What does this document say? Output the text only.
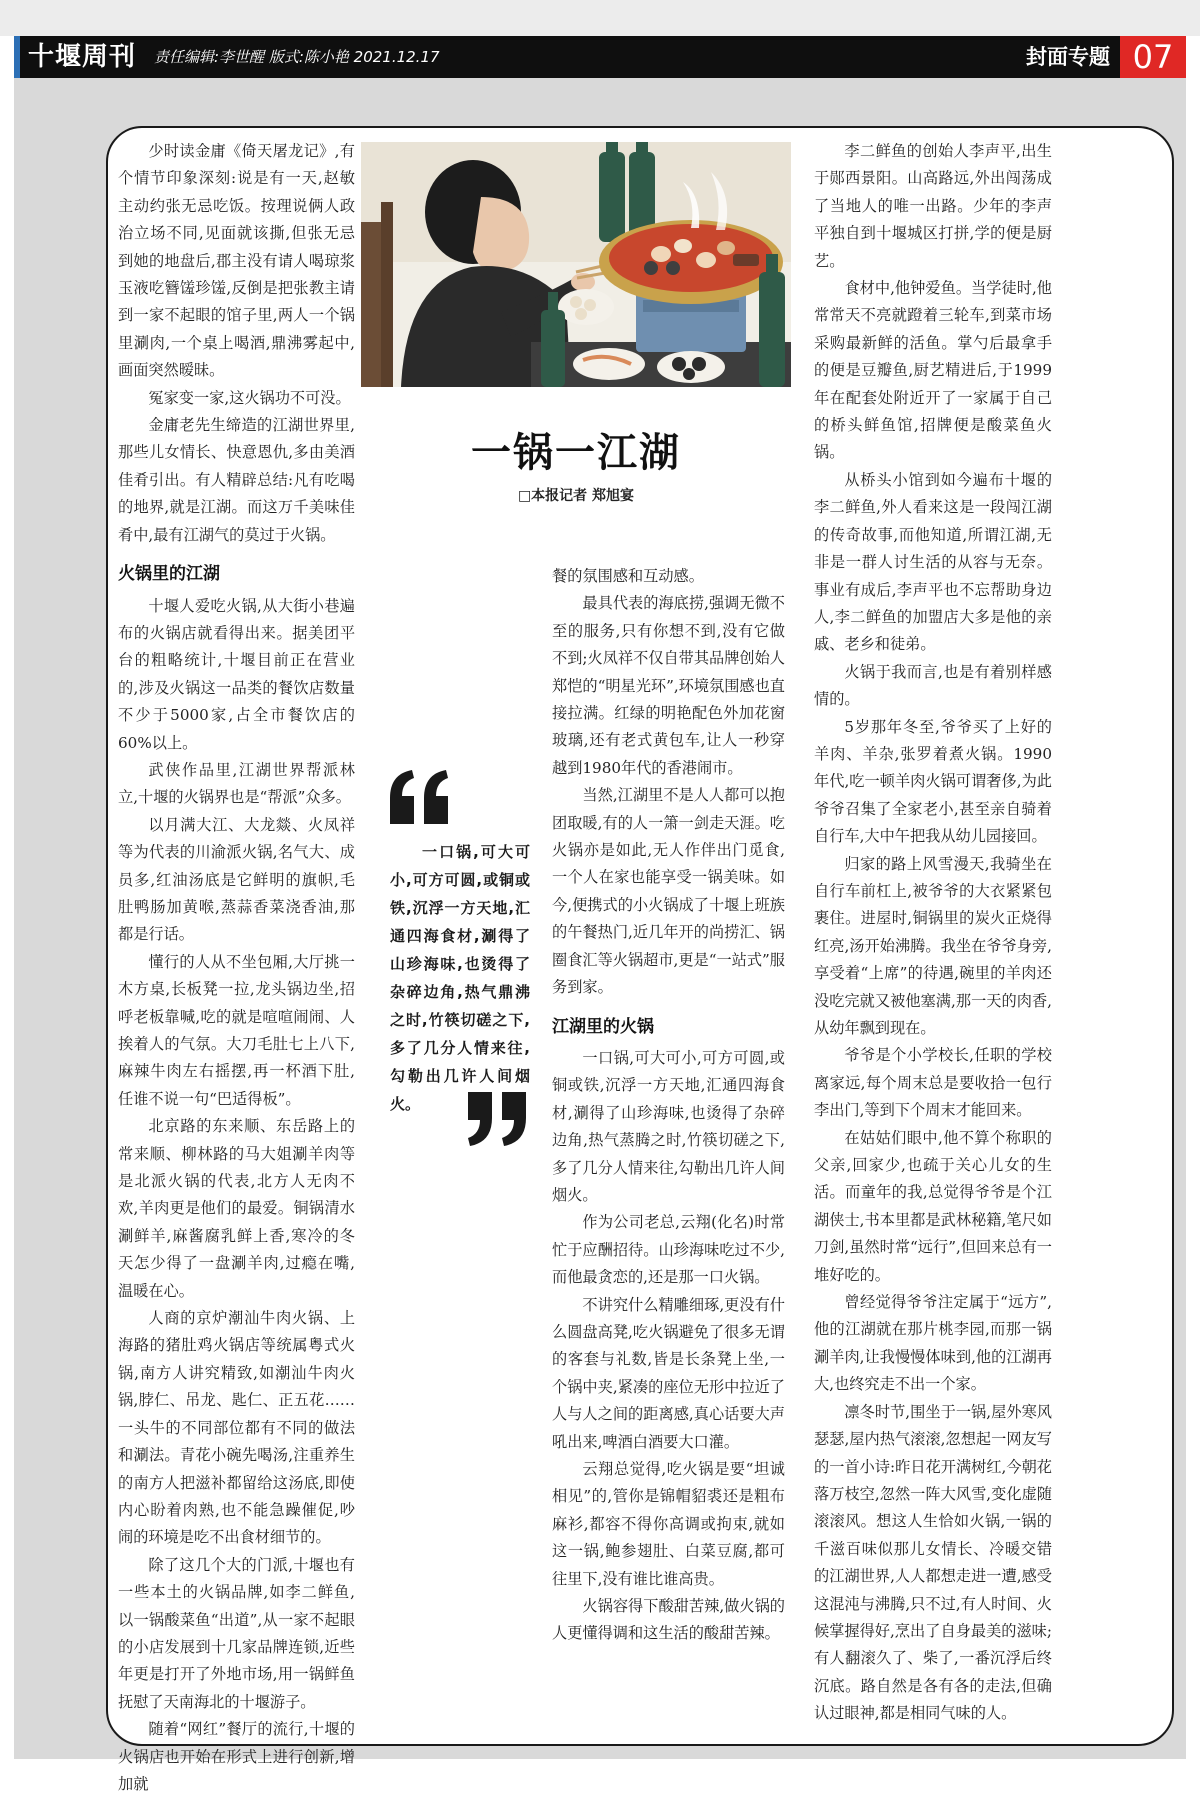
十堰周刊 责任编辑:李世醒 版式:陈小艳 2021.12.17	封面专题 07

少时读金庸《倚天屠龙记》,有个情节印象深刻:说是有一天,赵敏主动约张无忌吃饭。按理说俩人政治立场不同,见面就该撕,但张无忌到她的地盘后,郡主没有请人喝琼浆玉液吃簪馐珍馐,反倒是把张教主请到一家不起眼的馆子里,两人一个锅里涮肉,一个桌上喝酒,鼎沸雾起中,画面突然暧昧。

冤家变一家,这火锅功不可没。

金庸老先生缔造的江湖世界里,那些儿女情长、快意恩仇,多由美酒佳肴引出。有人精辟总结:凡有吃喝的地界,就是江湖。而这万千美味佳肴中,最有江湖气的莫过于火锅。

火锅里的江湖

十堰人爱吃火锅,从大街小巷遍布的火锅店就看得出来。据美团平台的粗略统计,十堰目前正在营业的,涉及火锅这一品类的餐饮店数量不少于5000家,占全市餐饮店的60%以上。

武侠作品里,江湖世界帮派林立,十堰的火锅界也是“帮派”众多。

以月满大江、大龙燚、火凤祥等为代表的川渝派火锅,名气大、成员多,红油汤底是它鲜明的旗帜,毛肚鸭肠加黄喉,蒸蒜香菜浇香油,那都是行话。

懂行的人从不坐包厢,大厅挑一木方桌,长板凳一拉,龙头锅边坐,招呼老板靠喊,吃的就是喧喧闹闹、人挨着人的气氛。大刀毛肚七上八下,麻辣牛肉左右摇摆,再一杯酒下肚,任谁不说一句“巴适得板”。

北京路的东来顺、东岳路上的常来顺、柳林路的马大姐涮羊肉等是北派火锅的代表,北方人无肉不欢,羊肉更是他们的最爱。铜锅清水涮鲜羊,麻酱腐乳鲜上香,寒冷的冬天怎少得了一盘涮羊肉,过瘾在嘴,温暖在心。

人商的京炉潮汕牛肉火锅、上海路的猪肚鸡火锅店等统属粤式火锅,南方人讲究精致,如潮汕牛肉火锅,脖仁、吊龙、匙仁、正五花……一头牛的不同部位都有不同的做法和涮法。青花小碗先喝汤,注重养生的南方人把滋补都留给这汤底,即使内心盼着肉熟,也不能急躁催促,吵闹的环境是吃不出食材细节的。

除了这几个大的门派,十堰也有一些本土的火锅品牌,如李二鲜鱼,以一锅酸菜鱼“出道”,从一家不起眼的小店发展到十几家品牌连锁,近些年更是打开了外地市场,用一锅鲜鱼抚慰了天南海北的十堰游子。

随着“网红”餐厅的流行,十堰的火锅店也开始在形式上进行创新,增加就

一锅一江湖
□本报记者 郑旭宴
一口锅,可大可小,可方可圆,或铜或铁,沉浮一方天地,汇通四海食材,涮得了山珍海味,也烫得了杂碎边角,热气鼎沸之时,竹筷切磋之下,多了几分人情来往,勾勒出几许人间烟火。

餐的氛围感和互动感。

最具代表的海底捞,强调无微不至的服务,只有你想不到,没有它做不到;火凤祥不仅自带其品牌创始人郑恺的“明星光环”,环境氛围感也直接拉满。红绿的明艳配色外加花窗玻璃,还有老式黄包车,让人一秒穿越到1980年代的香港闹市。

当然,江湖里不是人人都可以抱团取暖,有的人一箫一剑走天涯。吃火锅亦是如此,无人作伴出门觅食,一个人在家也能享受一锅美味。如今,便携式的小火锅成了十堰上班族的午餐热门,近几年开的尚捞汇、锅圈食汇等火锅超市,更是“一站式”服务到家。

江湖里的火锅

一口锅,可大可小,可方可圆,或铜或铁,沉浮一方天地,汇通四海食材,涮得了山珍海味,也烫得了杂碎边角,热气蒸腾之时,竹筷切磋之下,多了几分人情来往,勾勒出几许人间烟火。

作为公司老总,云翔(化名)时常忙于应酬招待。山珍海味吃过不少,而他最贪恋的,还是那一口火锅。

不讲究什么精雕细琢,更没有什么圆盘高凳,吃火锅避免了很多无谓的客套与礼数,皆是长条凳上坐,一个锅中夹,紧凑的座位无形中拉近了人与人之间的距离感,真心话要大声吼出来,啤酒白酒要大口灌。

云翔总觉得,吃火锅是要“坦诚相见”的,管你是锦帽貂裘还是粗布麻衫,都容不得你高调或拘束,就如这一锅,鲍参翅肚、白菜豆腐,都可往里下,没有谁比谁高贵。

火锅容得下酸甜苦辣,做火锅的人更懂得调和这生活的酸甜苦辣。

李二鲜鱼的创始人李声平,出生于郧西景阳。山高路远,外出闯荡成了当地人的唯一出路。少年的李声平独自到十堰城区打拼,学的便是厨艺。

食材中,他钟爱鱼。当学徒时,他常常天不亮就蹬着三轮车,到菜市场采购最新鲜的活鱼。掌勺后最拿手的便是豆瓣鱼,厨艺精进后,于1999年在配套处附近开了一家属于自己的桥头鲜鱼馆,招牌便是酸菜鱼火锅。

从桥头小馆到如今遍布十堰的李二鲜鱼,外人看来这是一段闯江湖的传奇故事,而他知道,所谓江湖,无非是一群人讨生活的从容与无奈。事业有成后,李声平也不忘帮助身边人,李二鲜鱼的加盟店大多是他的亲戚、老乡和徒弟。

火锅于我而言,也是有着别样感情的。

5岁那年冬至,爷爷买了上好的羊肉、羊杂,张罗着煮火锅。1990年代,吃一顿羊肉火锅可谓奢侈,为此爷爷召集了全家老小,甚至亲自骑着自行车,大中午把我从幼儿园接回。

归家的路上风雪漫天,我骑坐在自行车前杠上,被爷爷的大衣紧紧包裹住。进屋时,铜锅里的炭火正烧得红亮,汤开始沸腾。我坐在爷爷身旁,享受着“上席”的待遇,碗里的羊肉还没吃完就又被他塞满,那一天的肉香,从幼年飘到现在。

爷爷是个小学校长,任职的学校离家远,每个周末总是要收拾一包行李出门,等到下个周末才能回来。

在姑姑们眼中,他不算个称职的父亲,回家少,也疏于关心儿女的生活。而童年的我,总觉得爷爷是个江湖侠士,书本里都是武林秘籍,笔尺如刀剑,虽然时常“远行”,但回来总有一堆好吃的。

曾经觉得爷爷注定属于“远方”,他的江湖就在那片桃李园,而那一锅涮羊肉,让我慢慢体味到,他的江湖再大,也终究走不出一个家。

凛冬时节,围坐于一锅,屋外寒风瑟瑟,屋内热气滚滚,忽想起一网友写的一首小诗:昨日花开满树红,今朝花落万枝空,忽然一阵大风雪,变化虚随滚滚风。想这人生恰如火锅,一锅的千滋百味似那儿女情长、冷暖交错的江湖世界,人人都想走进一遭,感受这混沌与沸腾,只不过,有人时间、火候掌握得好,烹出了自身最美的滋味;有人翻滚久了、柴了,一番沉浮后终沉底。路自然是各有各的走法,但确认过眼神,都是相同气味的人。
